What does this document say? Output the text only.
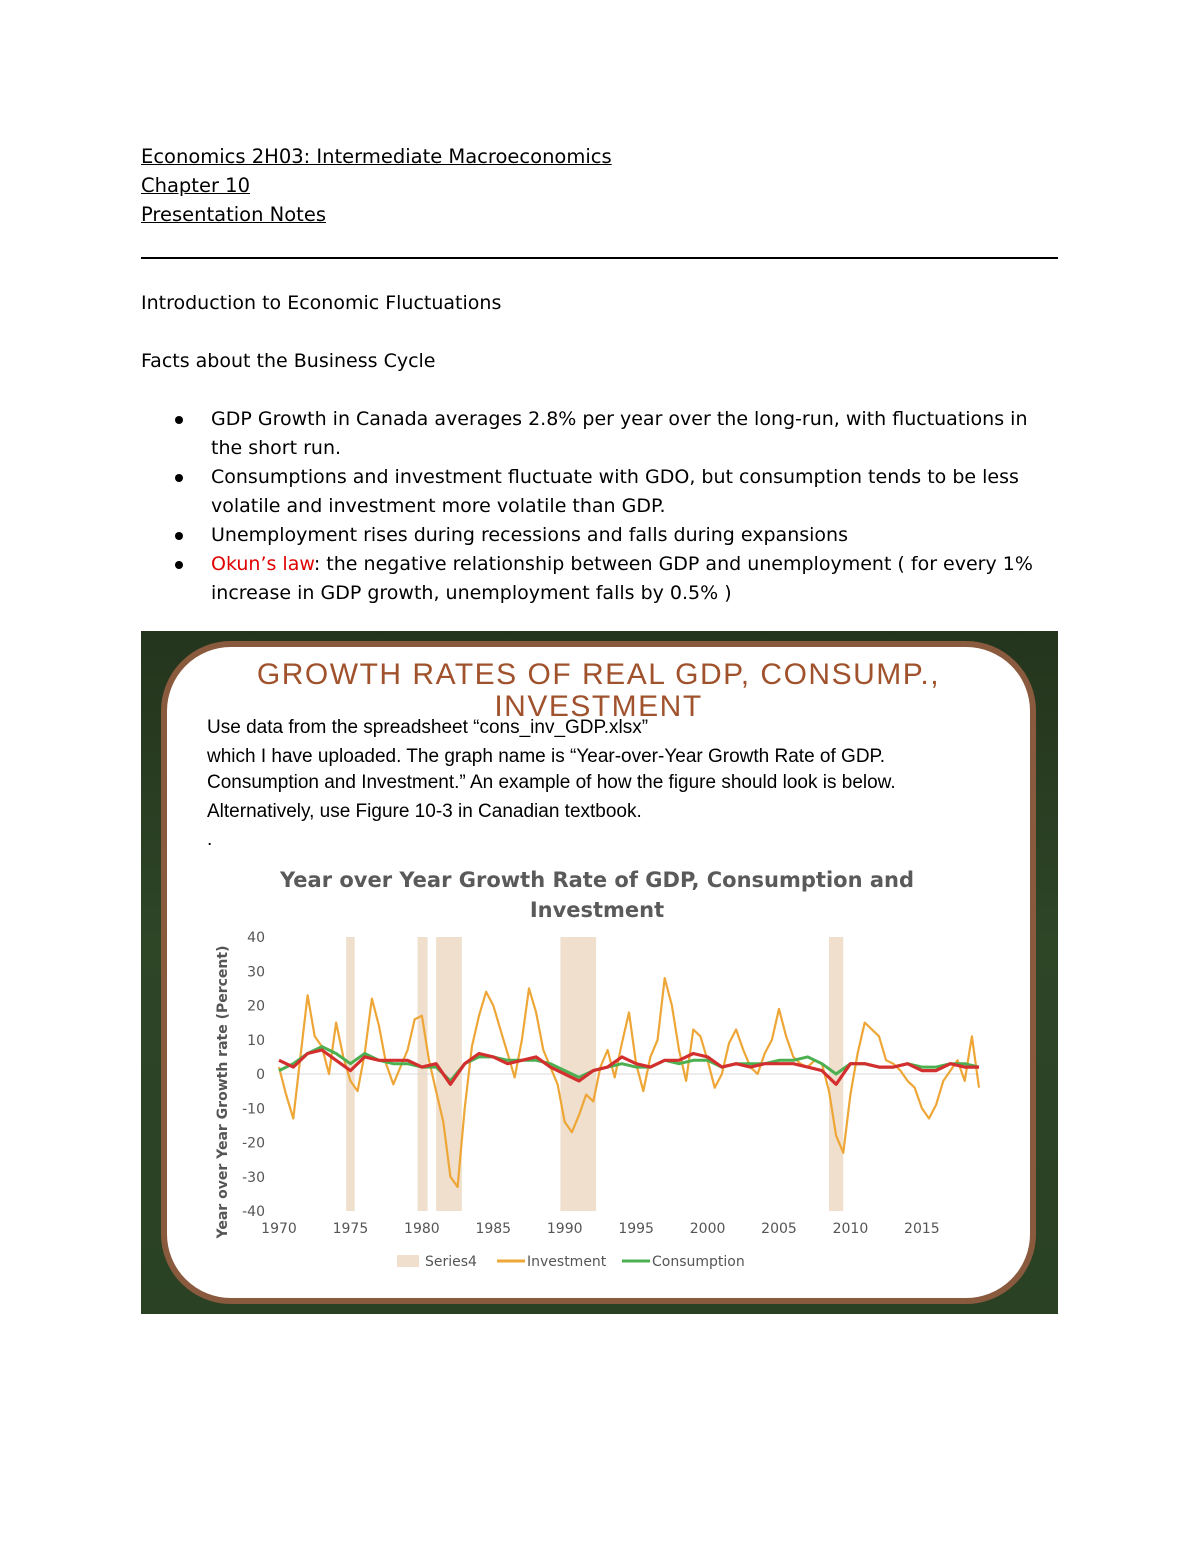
Economics 2H03: Intermediate Macroeconomics
Chapter 10
Presentation Notes
Introduction to Economic Fluctuations
Facts about the Business Cycle
GDP Growth in Canada averages 2.8% per year over the long-run, with fluctuations in the short run.
Consumptions and investment fluctuate with GDO, but consumption tends to be less volatile and investment more volatile than GDP.
Unemployment rises during recessions and falls during expansions
Okun’s law: the negative relationship between GDP and unemployment ( for every 1% increase in GDP growth, unemployment falls by 0.5% )
GROWTH RATES OF REAL GDP, CONSUMP.,
INVESTMENT
Use data from the spreadsheet “cons_inv_GDP.xlsx”
which I have uploaded. The graph name is “Year-over-Year Growth Rate of GDP.
Consumption and Investment.” An example of how the figure should look is below.
Alternatively, use Figure 10-3 in Canadian textbook.
.
Year over Year Growth Rate of GDP, Consumption and Investment
40
30
20
10
0
-10
-20
-30
-40
1970	1975	1980	1985	1990	1995	2000	2005	2010	2015
Year over Year Growth rate (Percent)
Series4	Investment	Consumption
